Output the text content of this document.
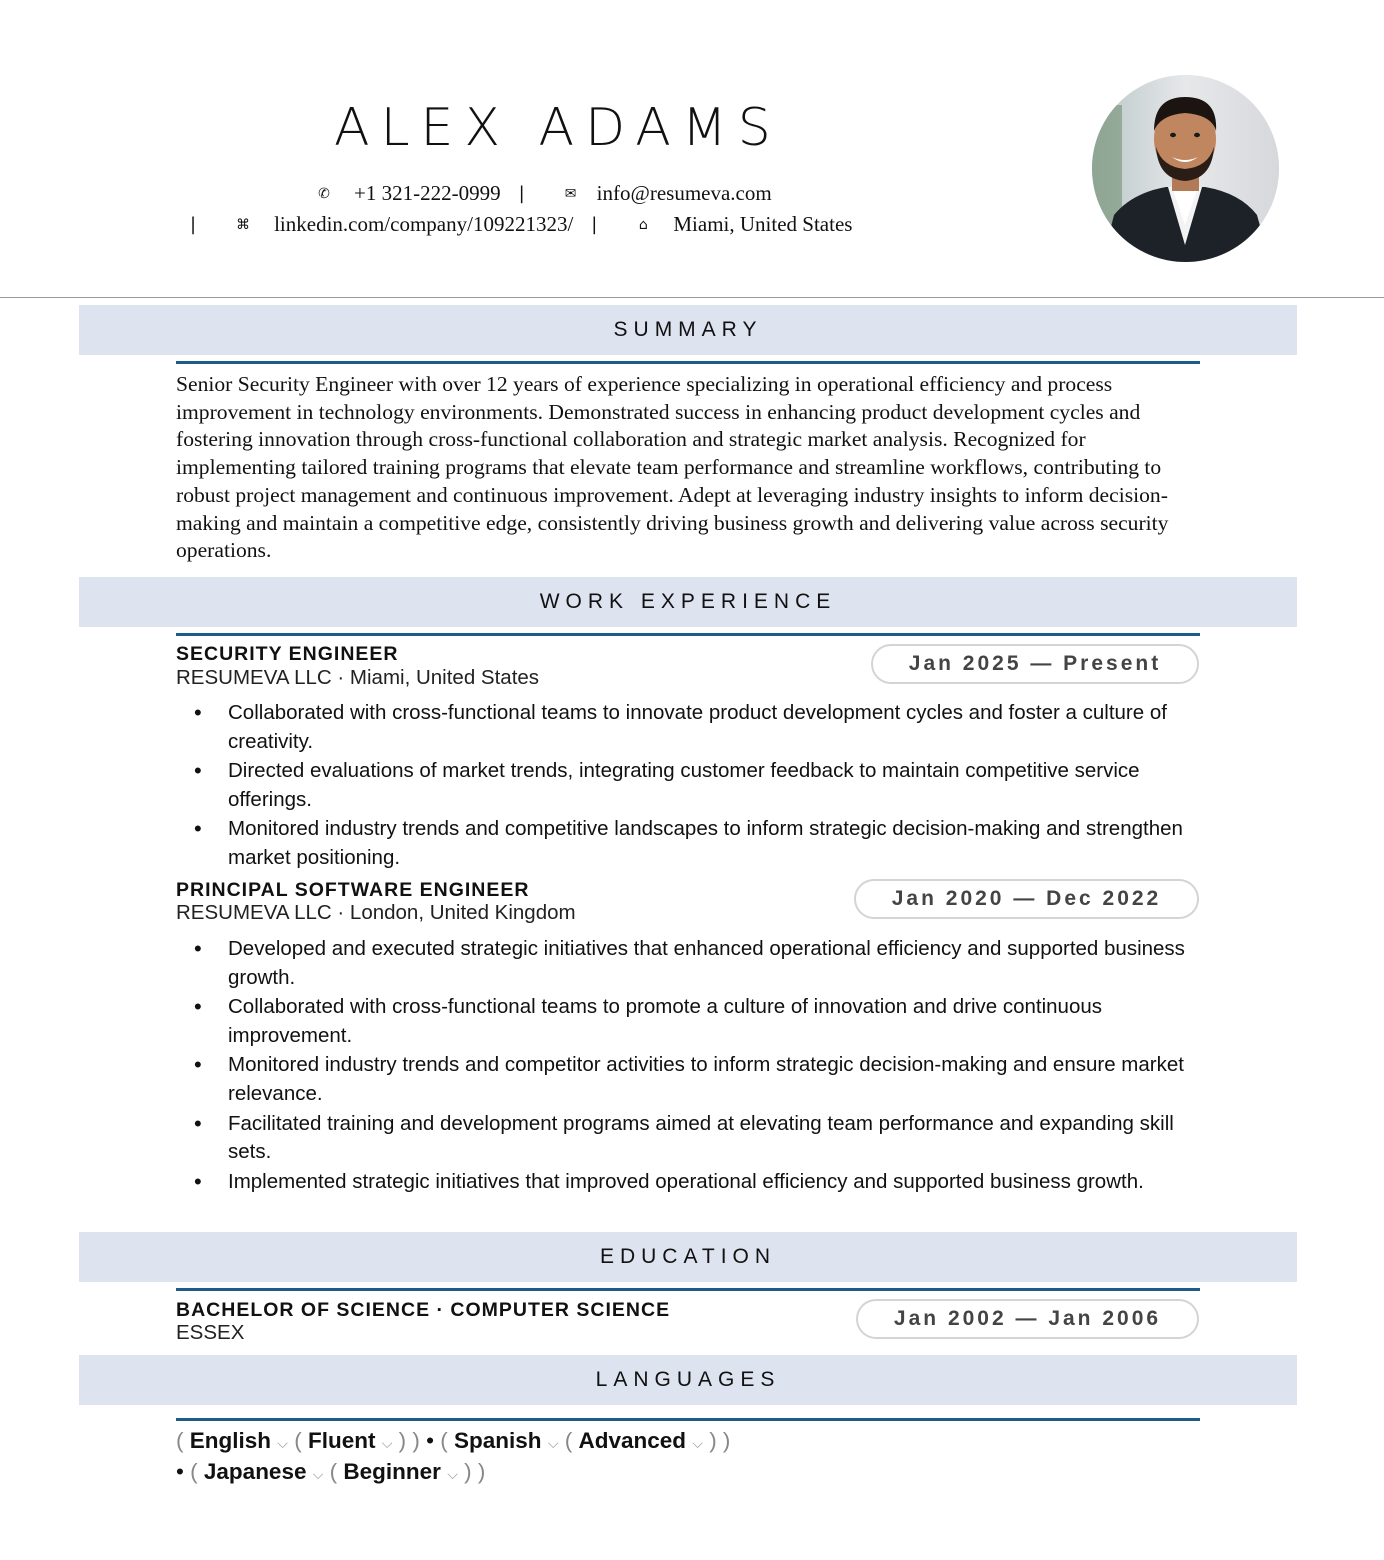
ALEX ADAMS
✆ +1 321-222-0999 |	✉ info@resumeva.com
|	⌘ linkedin.com/company/109221323/ |	⌂ Miami, United States
SUMMARY
Senior Security Engineer with over 12 years of experience specializing in operational efficiency and process improvement in technology environments. Demonstrated success in enhancing product development cycles and fostering innovation through cross-functional collaboration and strategic market analysis. Recognized for implementing tailored training programs that elevate team performance and streamline workflows, contributing to robust project management and continuous improvement. Adept at leveraging industry insights to inform decision-making and maintain a competitive edge, consistently driving business growth and delivering value across security operations.
WORK EXPERIENCE
SECURITY ENGINEER
RESUMEVA LLC · Miami, United States
Jan 2025 — Present
• Collaborated with cross-functional teams to innovate product development cycles and foster a culture of creativity.
• Directed evaluations of market trends, integrating customer feedback to maintain competitive service offerings.
• Monitored industry trends and competitive landscapes to inform strategic decision-making and strengthen market positioning.
PRINCIPAL SOFTWARE ENGINEER
RESUMEVA LLC · London, United Kingdom
Jan 2020 — Dec 2022
• Developed and executed strategic initiatives that enhanced operational efficiency and supported business growth.
• Collaborated with cross-functional teams to promote a culture of innovation and drive continuous improvement.
• Monitored industry trends and competitor activities to inform strategic decision-making and ensure market relevance.
• Facilitated training and development programs aimed at elevating team performance and expanding skill sets.
• Implemented strategic initiatives that improved operational efficiency and supported business growth.
EDUCATION
BACHELOR OF SCIENCE · COMPUTER SCIENCE
ESSEX
Jan 2002 — Jan 2006
LANGUAGES
( English ⌵ ( Fluent ⌵ ) ) • ( Spanish ⌵ ( Advanced ⌵ ) )
• ( Japanese ⌵ ( Beginner ⌵ ) )
